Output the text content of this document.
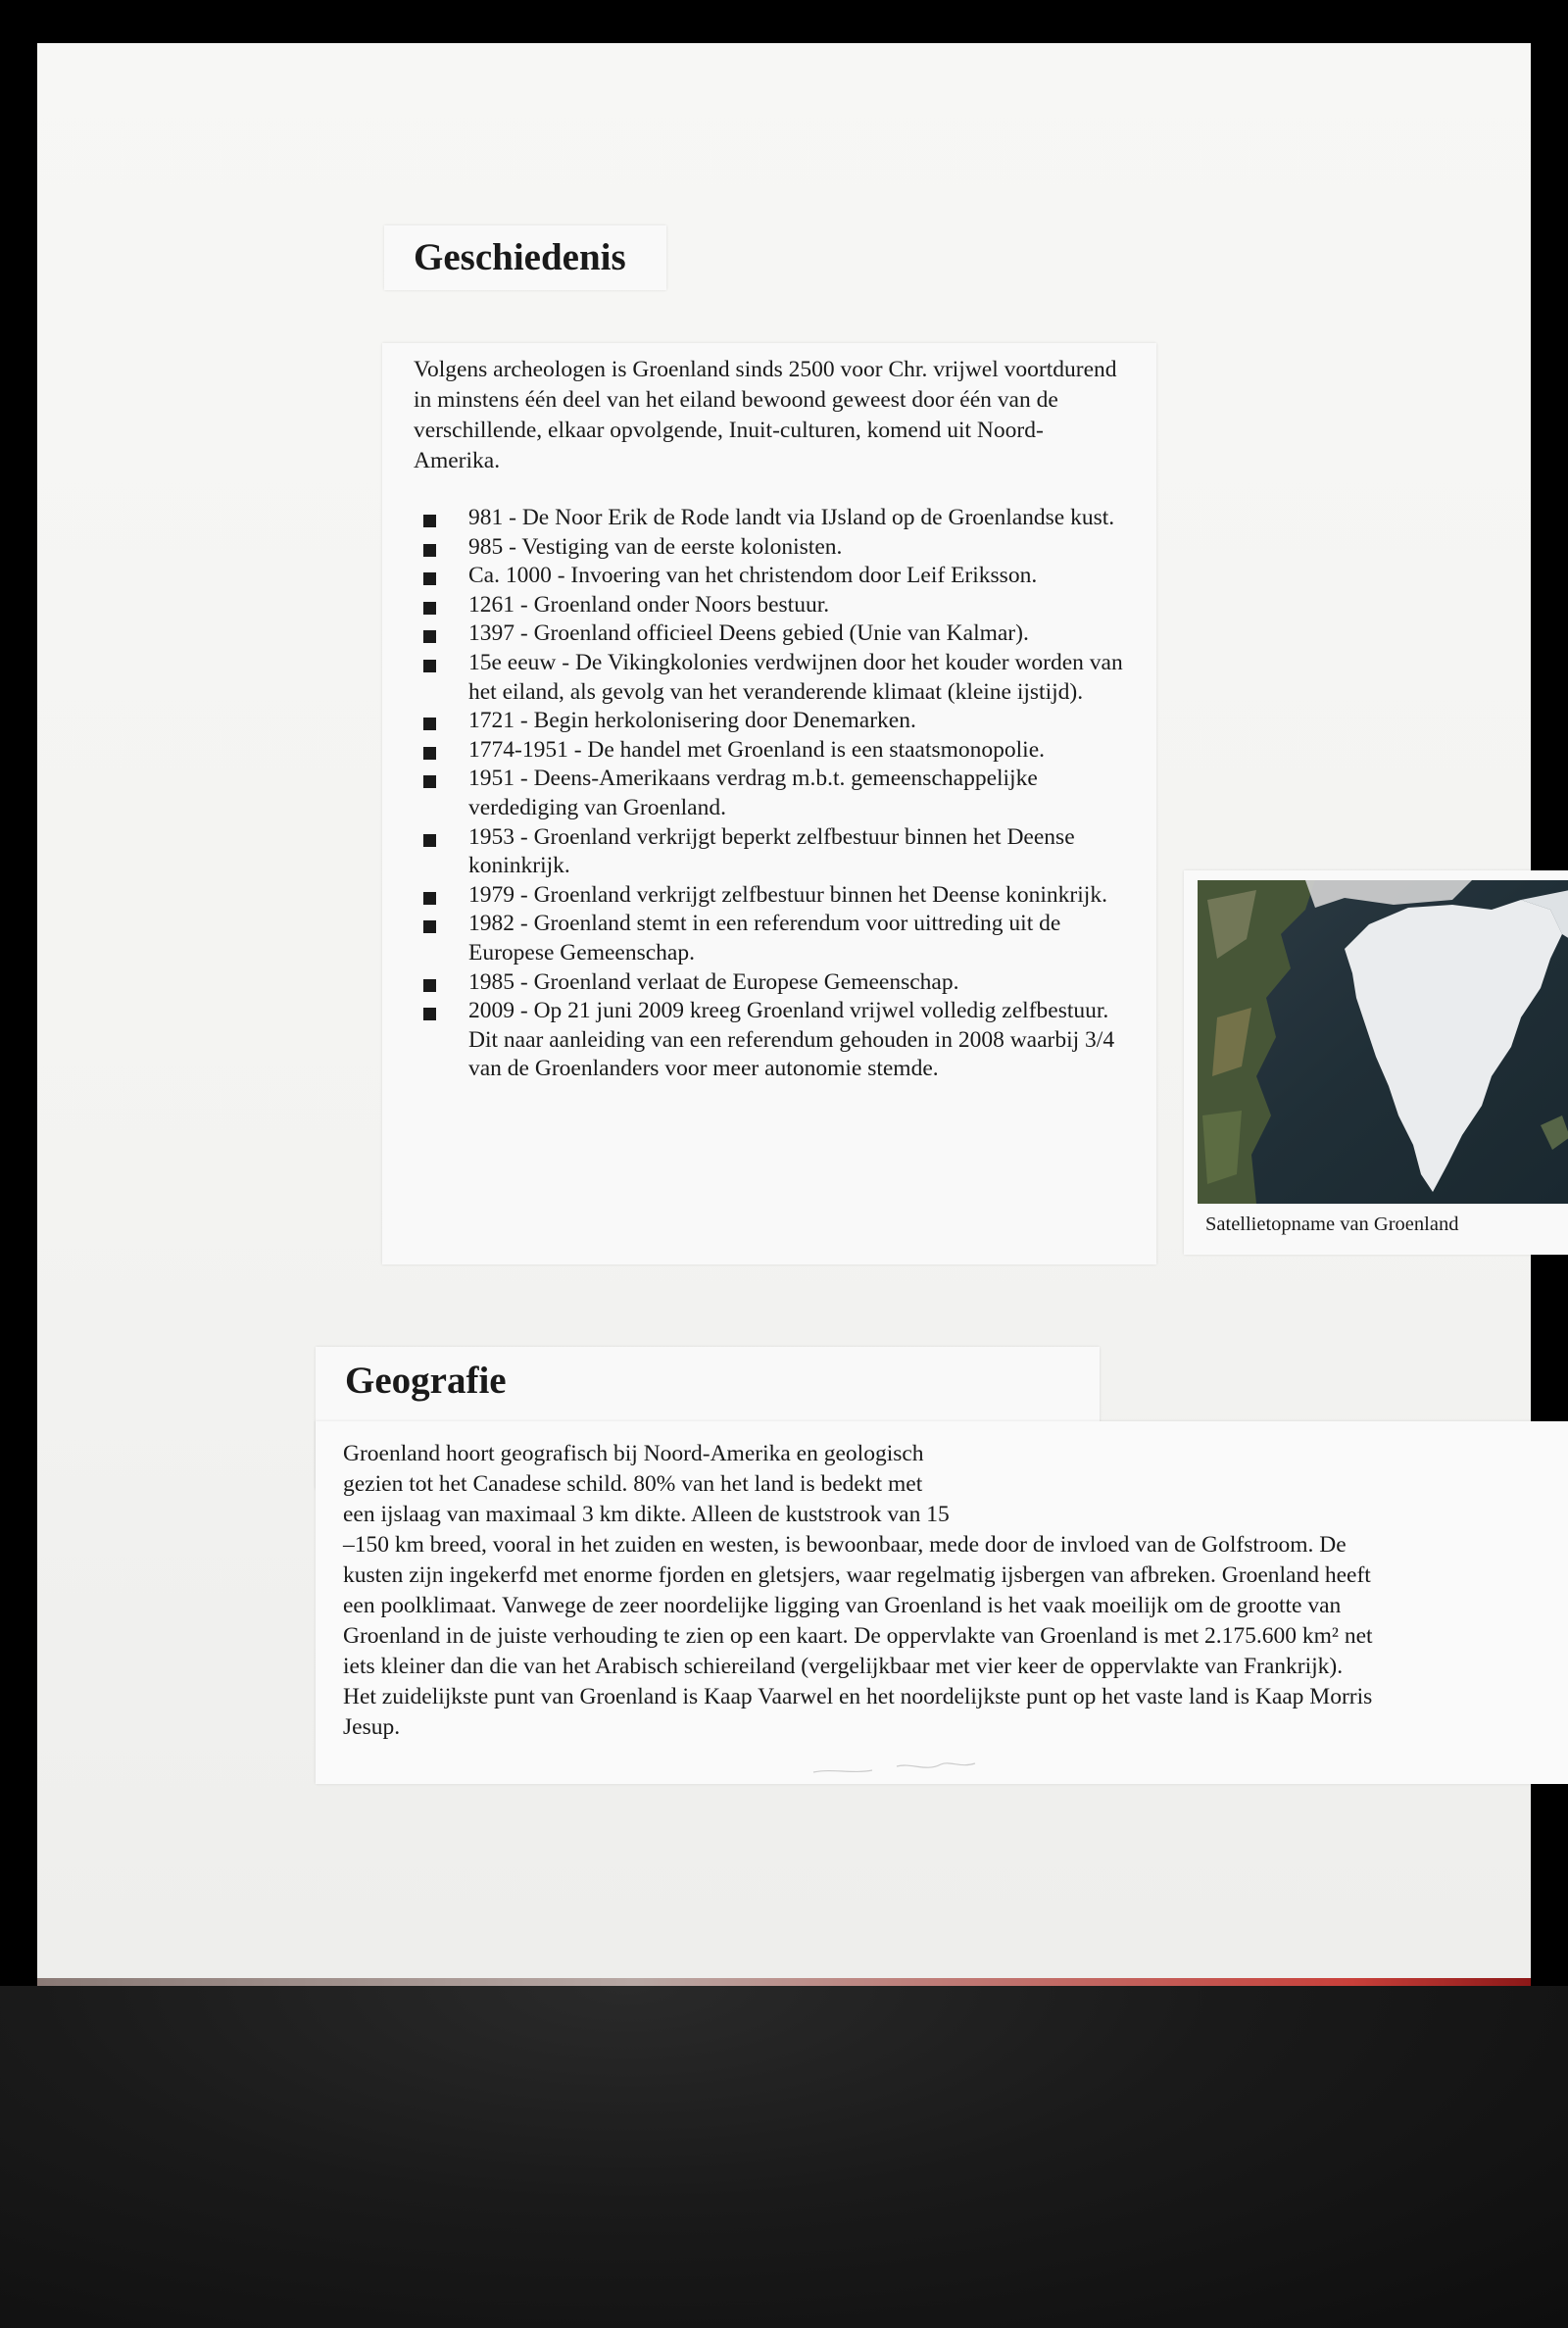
Geschiedenis

Volgens archeologen is Groenland sinds 2500 voor Chr. vrijwel voortdurend in minstens één deel van het eiland bewoond geweest door één van de verschillende, elkaar opvolgende, Inuit-culturen, komend uit Noord-Amerika.

981 - De Noor Erik de Rode landt via IJsland op de Groenlandse kust.
985 - Vestiging van de eerste kolonisten.
Ca. 1000 - Invoering van het christendom door Leif Eriksson.
1261 - Groenland onder Noors bestuur.
1397 - Groenland officieel Deens gebied (Unie van Kalmar).
15e eeuw - De Vikingkolonies verdwijnen door het kouder worden van het eiland, als gevolg van het veranderende klimaat (kleine ijstijd).
1721 - Begin herkolonisering door Denemarken.
1774-1951 - De handel met Groenland is een staatsmonopolie.
1951 - Deens-Amerikaans verdrag m.b.t. gemeenschappelijke verdediging van Groenland.
1953 - Groenland verkrijgt beperkt zelfbestuur binnen het Deense koninkrijk.
1979 - Groenland verkrijgt zelfbestuur binnen het Deense koninkrijk.
1982 - Groenland stemt in een referendum voor uittreding uit de Europese Gemeenschap.
1985 - Groenland verlaat de Europese Gemeenschap.
2009 - Op 21 juni 2009 kreeg Groenland vrijwel volledig zelfbestuur. Dit naar aanleiding van een referendum gehouden in 2008 waarbij 3/4 van de Groenlanders voor meer autonomie stemde.

Satellietopname van Groenland

Geografie

Groenland hoort geografisch bij Noord-Amerika en geologisch
gezien tot het Canadese schild. 80% van het land is bedekt met
een ijslaag van maximaal 3 km dikte. Alleen de kuststrook van 15
–150 km breed, vooral in het zuiden en westen, is bewoonbaar, mede door de invloed van de Golfstroom. De
kusten zijn ingekerfd met enorme fjorden en gletsjers, waar regelmatig ijsbergen van afbreken. Groenland heeft
een poolklimaat. Vanwege de zeer noordelijke ligging van Groenland is het vaak moeilijk om de grootte van
Groenland in de juiste verhouding te zien op een kaart. De oppervlakte van Groenland is met 2.175.600 km² net
iets kleiner dan die van het Arabisch schiereiland (vergelijkbaar met vier keer de oppervlakte van Frankrijk).
Het zuidelijkste punt van Groenland is Kaap Vaarwel en het noordelijkste punt op het vaste land is Kaap Morris
Jesup.
